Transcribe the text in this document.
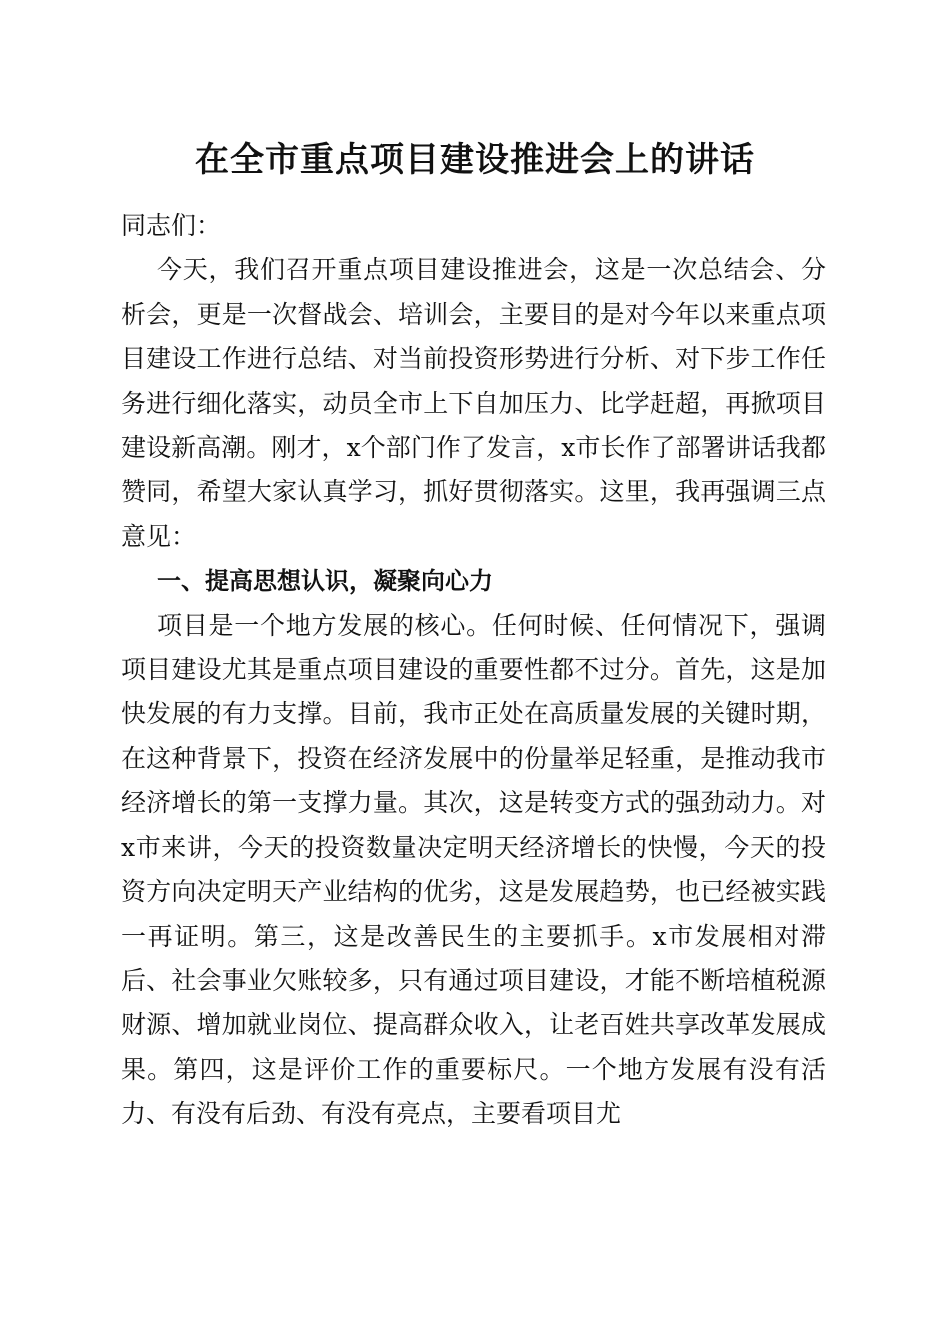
在全市重点项目建设推进会上的讲话

同志们：

今天，我们召开重点项目建设推进会，这是一次总结会、分析会，更是一次督战会、培训会，主要目的是对今年以来重点项目建设工作进行总结、对当前投资形势进行分析、对下步工作任务进行细化落实，动员全市上下自加压力、比学赶超，再掀项目建设新高潮。刚才，x个部门作了发言，x市长作了部署讲话我都赞同，希望大家认真学习，抓好贯彻落实。这里，我再强调三点意见：

一、提高思想认识，凝聚向心力

项目是一个地方发展的核心。任何时候、任何情况下，强调项目建设尤其是重点项目建设的重要性都不过分。首先，这是加快发展的有力支撑。目前，我市正处在高质量发展的关键时期，在这种背景下，投资在经济发展中的份量举足轻重，是推动我市经济增长的第一支撑力量。其次，这是转变方式的强劲动力。对x市来讲，今天的投资数量决定明天经济增长的快慢，今天的投资方向决定明天产业结构的优劣，这是发展趋势，也已经被实践一再证明。第三，这是改善民生的主要抓手。x市发展相对滞后、社会事业欠账较多，只有通过项目建设，才能不断培植税源财源、增加就业岗位、提高群众收入，让老百姓共享改革发展成果。第四，这是评价工作的重要标尺。一个地方发展有没有活力、有没有后劲、有没有亮点，主要看项目尤
